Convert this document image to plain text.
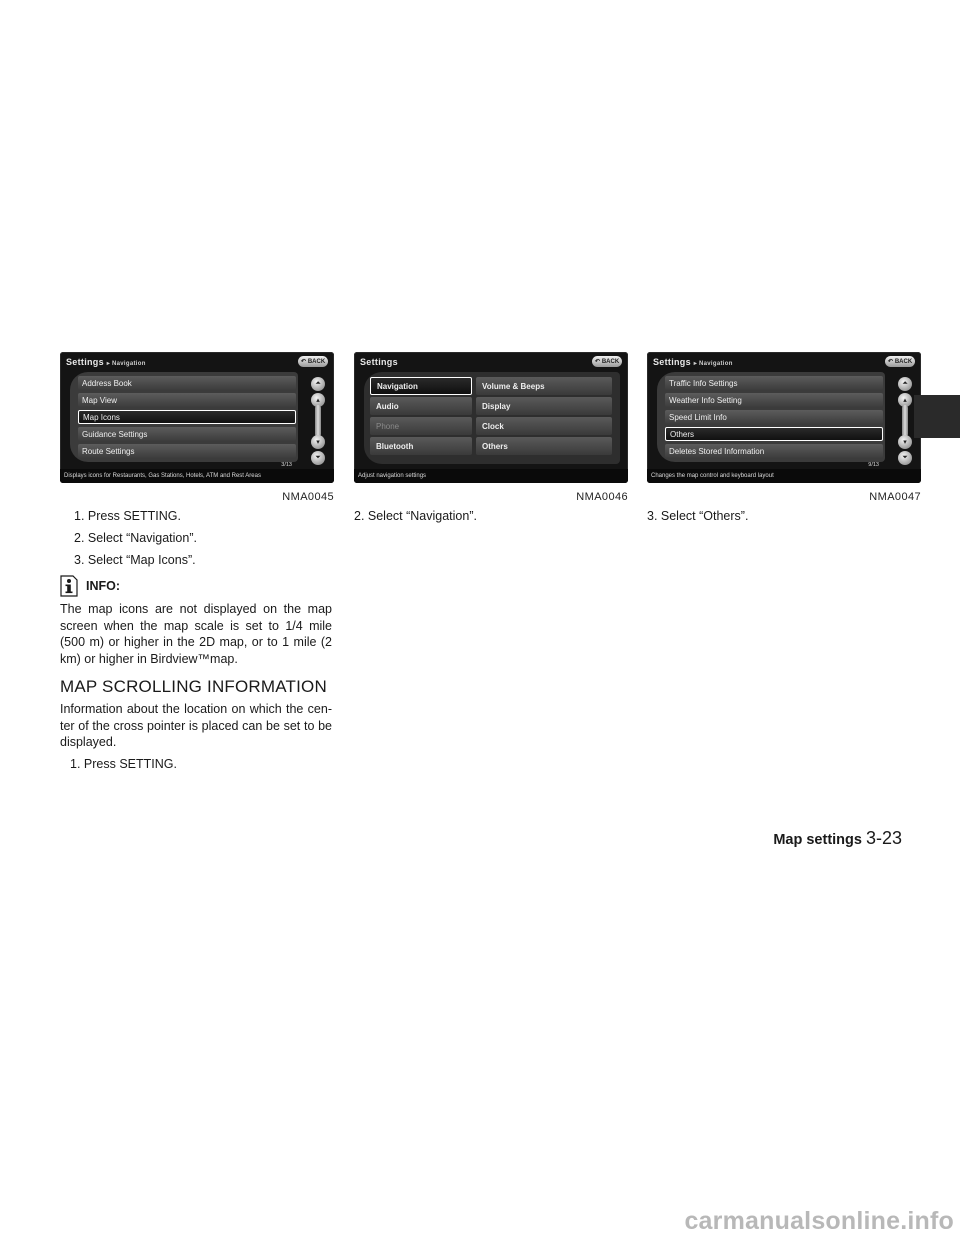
Settings ▸ Navigation	↶ BACK
Address Book
Map View
Map Icons
Guidance Settings
Route Settings
3/13
⏶
▴
▾
⏷
Displays icons for Restaurants, Gas Stations, Hotels, ATM and Rest Areas
NMA0045
1. Press SETTING.
2. Select “Navigation”.
3. Select “Map Icons”.
INFO:
The map icons are not displayed on the map screen when the map scale is set to 1/4 mile (500 m) or higher in the 2D map, or to 1 mile (2 km) or higher in Birdview™map.
MAP SCROLLING INFORMATION
Information about the location on which the cen- ter of the cross pointer is placed can be set to be displayed.
1. Press SETTING.
Settings	↶ BACK
Navigation
Audio
Phone
Bluetooth
Volume & Beeps
Display
Clock
Others
Adjust navigation settings
NMA0046
2. Select “Navigation”.
Settings ▸ Navigation	↶ BACK
Traffic Info Settings
Weather Info Setting
Speed Limit Info
Others
Deletes Stored Information
9/13
⏶
▴
▾
⏷
Changes the map control and keyboard layout
NMA0047
3. Select “Others”.
Map settings 3-23
carmanualsonline.info
